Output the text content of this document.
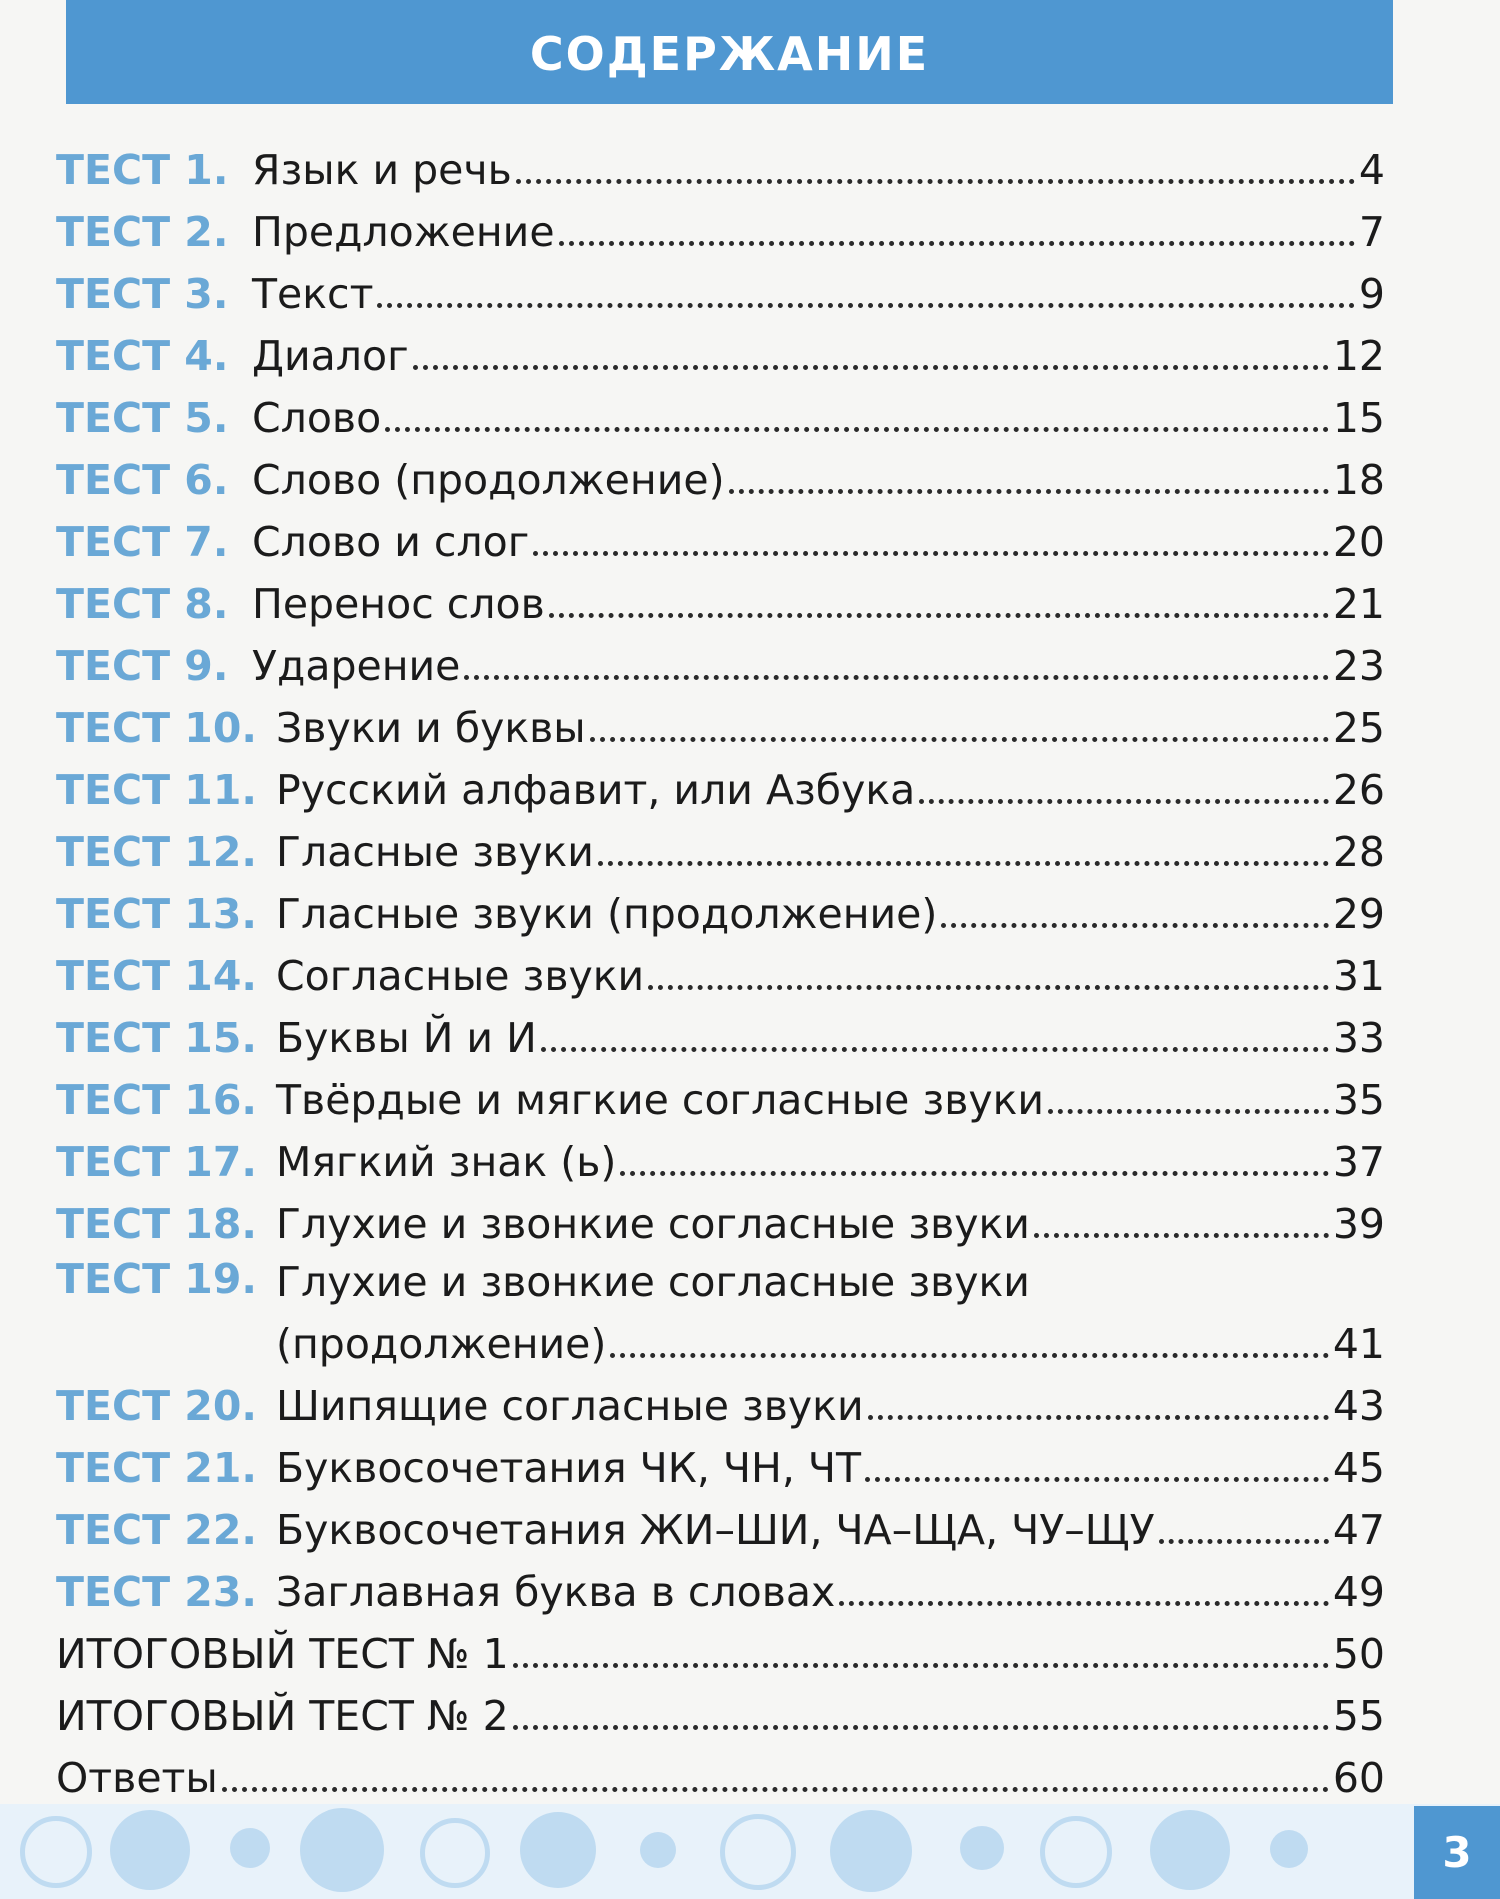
СОДЕРЖАНИЕ
ТЕСТ 1. Язык и речь	4
ТЕСТ 2. Предложение	7
ТЕСТ 3. Текст	9
ТЕСТ 4. Диалог	12
ТЕСТ 5. Слово	15
ТЕСТ 6. Слово (продолжение)	18
ТЕСТ 7. Слово и слог	20
ТЕСТ 8. Перенос слов	21
ТЕСТ 9. Ударение	23
ТЕСТ 10. Звуки и буквы	25
ТЕСТ 11. Русский алфавит, или Азбука	26
ТЕСТ 12. Гласные звуки	28
ТЕСТ 13. Гласные звуки (продолжение)	29
ТЕСТ 14. Согласные звуки	31
ТЕСТ 15. Буквы Й и И	33
ТЕСТ 16. Твёрдые и мягкие согласные звуки	35
ТЕСТ 17. Мягкий знак (ь)	37
ТЕСТ 18. Глухие и звонкие согласные звуки	39
ТЕСТ 19. Глухие и звонкие согласные звуки
(продолжение)	41
ТЕСТ 20. Шипящие согласные звуки	43
ТЕСТ 21. Буквосочетания ЧК, ЧН, ЧТ	45
ТЕСТ 22. Буквосочетания ЖИ–ШИ, ЧА–ЩА, ЧУ–ЩУ	47
ТЕСТ 23. Заглавная буква в словах	49
ИТОГОВЫЙ ТЕСТ № 1	50
ИТОГОВЫЙ ТЕСТ № 2	55
Ответы	60
3
